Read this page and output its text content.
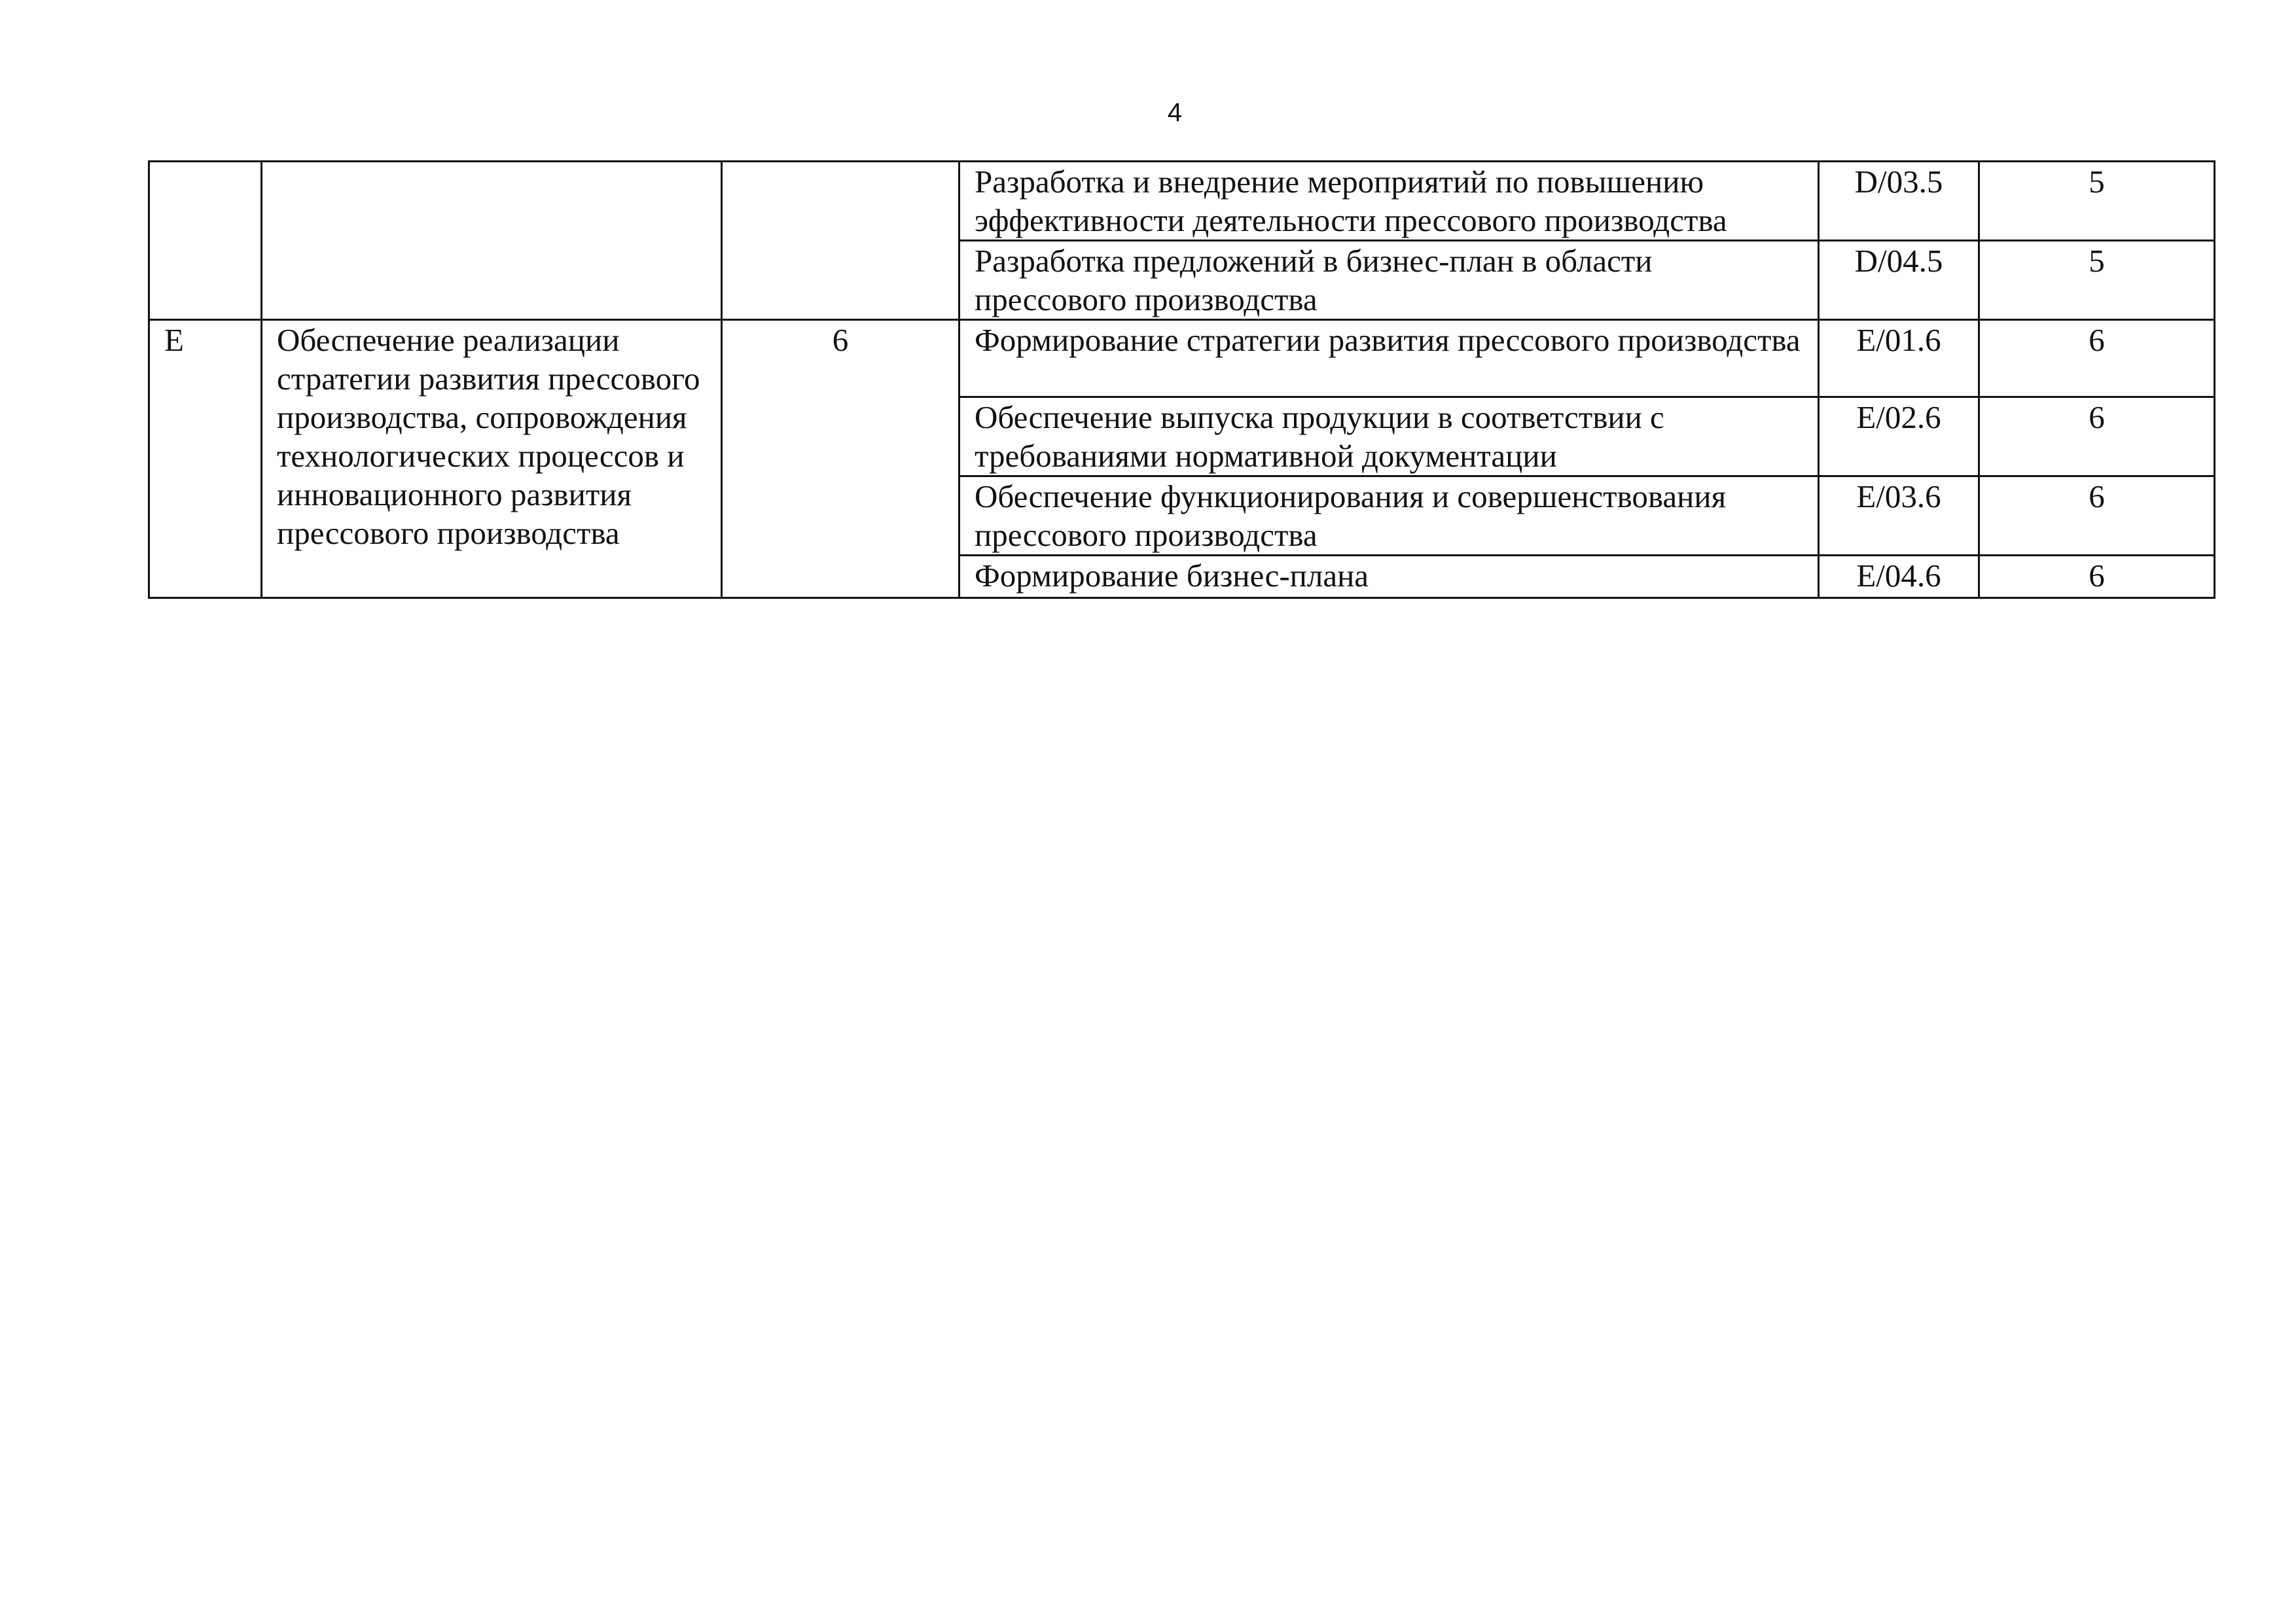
4
			Разработка и внедрение мероприятий по повышению эффективности деятельности прессового производства	D/03.5	5
			Разработка предложений в бизнес-план в области прессового производства	D/04.5	5
E	Обеспечение реализации стратегии развития прессового производства, сопровождения технологических процессов и инновационного развития прессового производства	6	Формирование стратегии развития прессового производства	E/01.6	6
			Обеспечение выпуска продукции в соответствии с требованиями нормативной документации	E/02.6	6
			Обеспечение функционирования и совершенствования прессового производства	E/03.6	6
			Формирование бизнес-плана	E/04.6	6
